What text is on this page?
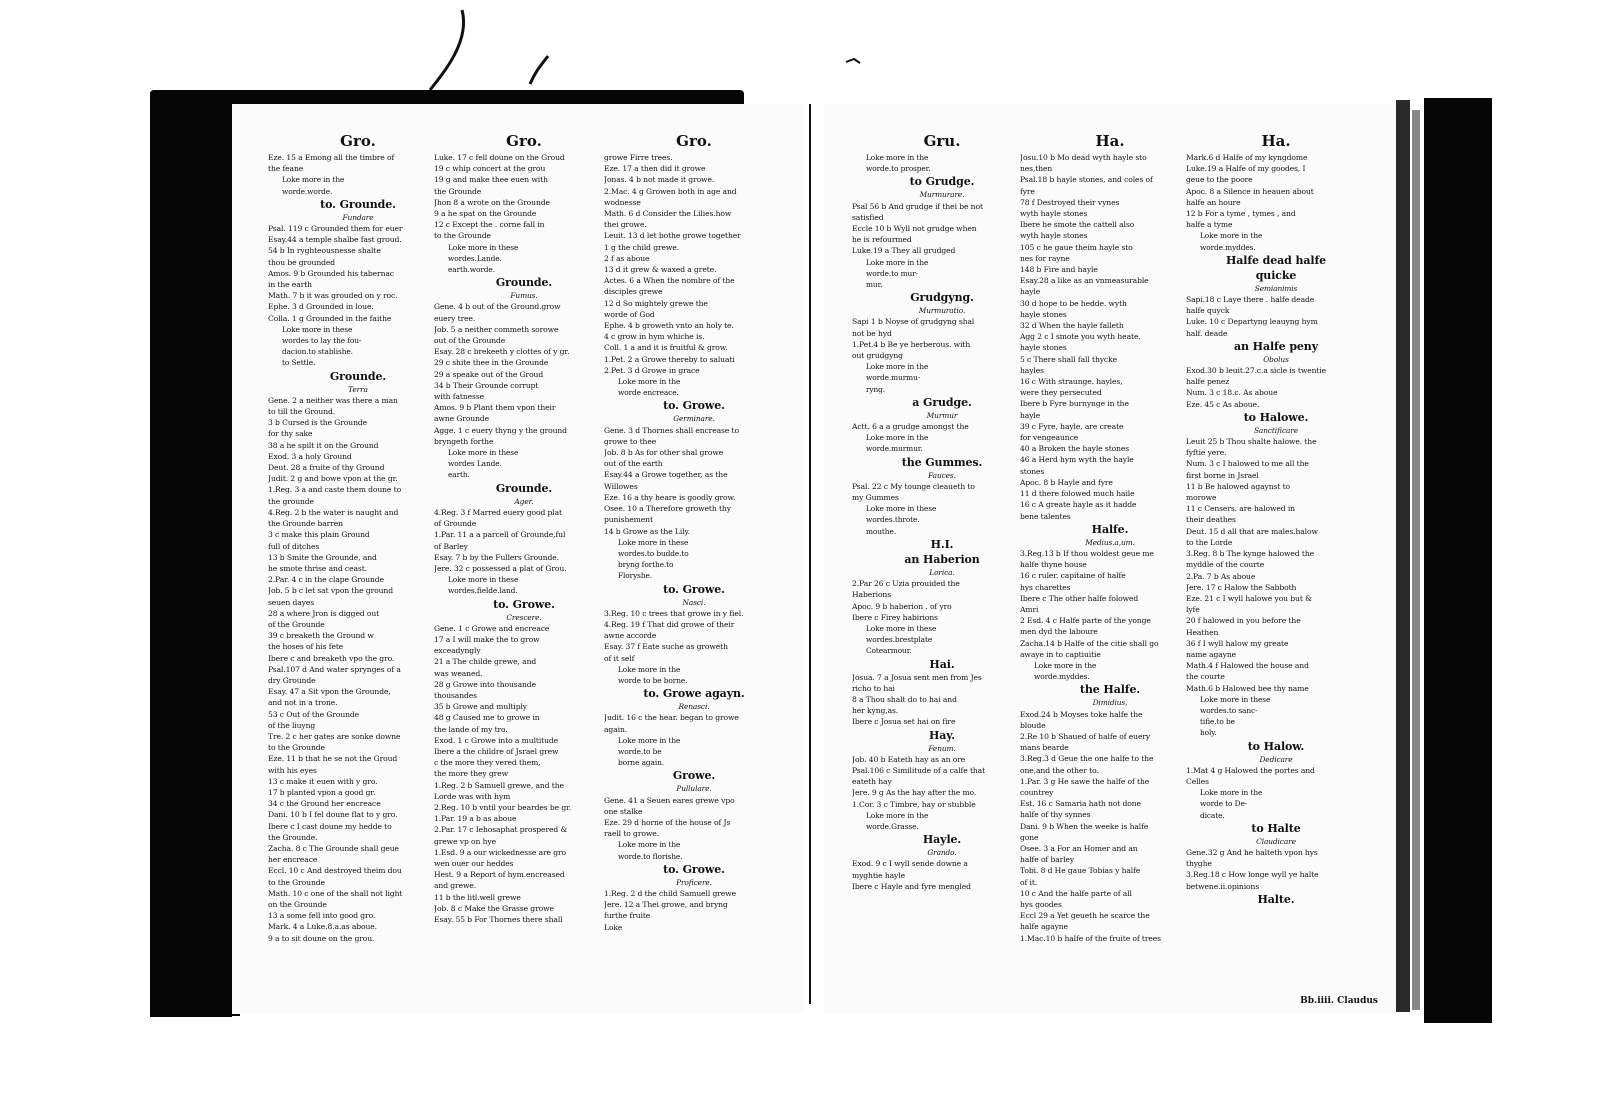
Gro.
Eze. 15 a Emong all the timbre of
the feane
Loke more in the
worde.worde.
to. Grounde.
Fundare
Psal. 119 c Grounded them for euer
Esay.44 a temple shalbe fast groud.
54 b In ryghteousnesse shalte
thou be grounded
Amos. 9 b Grounded his tabernac
in the earth
Math. 7 b it was grouded on y roc.
Ephe. 3 d Grounded in loue.
Colla. 1 g Grounded in the faithe
Loke more in these
wordes to lay the fou-
dacion.to stablishe.
to Settle.
Grounde.
Terra
Gene. 2 a neither was there a man
to till the Ground.
3 b Cursed is the Grounde
for thy sake
38 a he spilt it on the Ground
Exod. 3 a holy Ground
Deut. 28 a fruite of thy Ground
Judit. 2 g and bowe vpon at the gr.
1.Reg. 3 a and caste them doune to
the grounde
4.Reg. 2 b the water is naught and
the Grounde barren
3 c make this plain Ground
full of ditches
13 b Smite the Grounde, and
he smote thrise and ceast.
2.Par. 4 c in the clape Grounde
Job. 5 b c let sat vpon the ground
seuen dayes
28 a where Jron is digged out
of the Grounde
39 c breaketh the Ground w
the hoses of his fete
Ibere c and breaketh vpo the gro.
Psal.107 d And water sprynges of a
dry Grounde
Esay. 47 a Sit vpon the Grounde,
and not in a trone.
53 c Out of the Grounde
of the liuyng
Tre. 2 c her gates are sonke downe
to the Grounde
Eze. 11 b that he se not the Groud
with his eyes
13 c make it euen with y gro.
17 b planted vpon a good gr.
34 c the Ground her encreace
Dani. 10 b I fel doune flat to y gro.
Ibere c I cast doune my hedde to
the Grounde.
Zacha. 8 c The Grounde shall geue
her encreace
Eccl. 10 c And destroyed theim dou
to the Grounde
Math. 10 c one of the shall not light
on the Grounde
13 a some fell into good gro.
Mark. 4 a Luke.8.a.as aboue.
9 a to sit doune on the grou.
Gro.
Luke. 17 c fell doune on the Groud
19 c whip concert at the grou
19 g and make thee euen with
the Grounde
Jhon 8 a wrote on the Grounde
9 a he spat on the Grounde
12 c Except the . corne fall in
to the Grounde
Loke more in these
wordes.Lande.
earth.worde.
Grounde.
Fumus.
Gene. 4 b out of the Ground.grow
euery tree.
Job. 5 a neither commeth sorowe
out of the Grounde
Esay. 28 c brekeeth y clottes of y gr.
29 c shite thee in the Grounde
29 a speake out of the Groud
34 b Their Grounde corrupt
with fatnesse
Amos. 9 b Plant them vpon their
awne Grounde
Agge. 1 c euery thyng y the ground
bryngeth forthe
Loke more in these
wordes Lande.
earth.
Grounde.
Ager.
4.Reg. 3 f Marred euery good plat
of Grounde
1.Par. 11 a a parcell of Grounde,ful
of Barley
Esay. 7 b by the Fullers Grounde.
Jere. 32 c possessed a plat of Grou.
Loke more in these
wordes.fielde.land.
to. Growe.
Crescere.
Gene. 1 c Growe and encreace
17 a I will make the to grow
exceadyngly
21 a The childe grewe, and
was weaned.
28 g Growe into thousande
thousandes
35 b Growe and multiply
48 g Caused me to growe in
the lande of my tro.
Exod. 1 c Growe into a multitude
Ibere a the childre of Jsrael grew
c the more they vered them,
the more they grew
1.Reg. 2 b Samuell grewe, and the
Lorde was with hym
2.Reg. 10 b vntil your beardes be gr.
1.Par. 19 a b as aboue
2.Par. 17 c Iehosaphat prospered &
grewe vp on hye
1.Esd. 9 a our wickednesse are gro
wen ouer our heddes
Hest. 9 a Report of hym.encreased
and grewe.
11 b the litl.well grewe
Job. 8 c Make the Grasse growe
Esay. 55 b For Thornes there shall
Gro.
growe Firre trees.
Eze. 17 a then did it growe
Jonas. 4 b not made it growe.
2.Mac. 4 g Growen both in age and
wodnesse
Math. 6 d Consider the Lilies.how
thei growe.
Leuit. 13 d let bothe growe together
1 g the child grewe.
2 f as aboue
13 d it grew & waxed a grete.
Actes. 6 a When the nombre of the
disciples grewe
12 d So mightely grewe the
worde of God
Ephe. 4 b groweth vnto an holy te.
4 c grow in hym whiche is.
Coll. 1 a and it is fruitful & grow.
1.Pet. 2 a Growe thereby to saluati
2.Pet. 3 d Growe in grace
Loke more in the
worde encreace.
to. Growe.
Germinare.
Gene. 3 d Thornes shall encrease to
growe to thee
Job. 8 b As for other shal growe
out of the earth
Esay.44 a Growe together, as the
Willowes
Eze. 16 a thy heare is goodly grow.
Osee. 10 a Therefore groweth thy
punishement
14 b Growe as the Lily.
Loke more in these
wordes.to budde.to
bryng forthe.to
Floryshe.
to. Growe.
Nasci.
3.Reg. 10 c trees that growe in y fiel.
4.Reg. 19 f That did growe of their
awne accorde
Esay. 37 f Eate suche as groweth
of it self
Loke more in the
worde to be borne.
to. Growe agayn.
Renasci.
Judit. 16 c the hear. began to growe
again.
Loke more in the
worde.to be
borne again.
Growe.
Pullulare.
Gene. 41 a Seuen eares grewe vpo
one stalke
Eze. 29 d horne of the house of Js
raell to growe.
Loke more in the
worde.to florishe.
to. Growe.
Proficere.
1.Reg. 2 d the child Samuell grewe
Jere. 12 a Thei growe, and bryng
furthe fruite
Loke
Gru.
Loke more in the
worde.to prosper.
to Grudge.
Murmurare.
Psal 56 b And grudge if thei be not
satisfied
Eccle 10 b Wyll not grudge when
he is refourmed
Luke.19 a They all grudged
Loke more in the
worde.to mur-
mur.
Grudgyng.
Murmuratio.
Sapi 1 b Noyse of grudgyng shal
not be hyd
1.Pet.4 b Be ye herberous. with
out grudgyng
Loke more in the
worde.murmu-
ryng.
a Grudge.
Murmur
Actt. 6 a a grudge amongst the
Loke more in the
worde.murmur.
the Gummes.
Fauces.
Psal. 22 c My tounge cleaueth to
my Gummes
Loke more in these
wordes.throte.
mouthe.
H.I.
an Haberion
Lorica.
2.Par 26 c Uzia prouided the
Haberions
Apoc. 9 b haberion . of yro
Ibere c Firey habirions
Loke more in these
wordes.brestplate
Cotearmour.
Hai.
Josua. 7 a Josua sent men from Jes
richo to hai
8 a Thou shalt do to hai and
her kyng,as.
Ibere c Josua set hai on fire
Hay.
Fenum.
Job. 40 b Eateth hay as an ore
Psal.106 c Similitude of a calfe that
eateth hay
Jere. 9 g As the hay after the mo.
1.Cor. 3 c Timbre, hay or stubble
Loke more in the
worde.Grasse.
Hayle.
Grando.
Exod. 9 c I wyll sende downe a
myghtie hayle
Ibere c Hayle and fyre mengled
Ha.
Josu.10 b Mo dead wyth hayle sto
nes,then
Psal.18 b hayle stones, and coles of
fyre
78 f Destroyed their vynes
wyth hayle stones
Ibere he smote the cattell also
wyth hayle stones
105 c he gaue theim hayle sto
nes for rayne
148 b Fire and hayle
Esay.28 a like as an vnmeasurable
hayle
30 d hope to be hedde. wyth
hayle stones
32 d When the hayle falleth
Agg 2 c I smote you wyth heate,
hayle stones
5 c There shall fall thycke
hayles
16 c With straunge. hayles,
were they persecuted
Ibere b Fyre burnynge in the
hayle
39 c Fyre, hayle, are create
for vengeaunce
40 a Broken the hayle stones
46 a Herd hym wyth the hayle
stones
Apoc. 8 b Hayle and fyre
11 d there folowed much haile
16 c A greate hayle as it hadde
bene talentes
Halfe.
Medius.a,um.
3.Reg.13 b If thou woldest geue me
halfe thyne house
16 c ruler. capitaine of halfe
hys charettes
Ibere c The other halfe folowed
Amri
2 Esd. 4 c Halfe parte of the yonge
men dyd the laboure
Zacha.14 b Halfe of the citie shall go
awaye in to captiuitie
Loke more in the
worde.myddes.
the Halfe.
Dimidius,
Exod.24 b Moyses toke halfe the
bloude
2.Re 10 b Shaued of halfe of euery
mans bearde
3.Reg.3 d Geue the one halfe to the
one,and the other to.
1.Par. 3 g He sawe the halfe of the
countrey
Est. 16 c Samaria hath not done
halfe of thy synnes
Dani. 9 b When the weeke is halfe
gone
Osee. 3 a For an Homer and an
halfe of barley
Tobi. 8 d He gaue Tobias y halfe
of it.
10 c And the halfe parte of all
hys goodes
Eccl 29 a Yet geueth he scarce the
halfe agayne
1.Mac.10 b halfe of the fruite of trees
Ha.
Mark.6 d Halfe of my kyngdome
Luke.19 a Halfe of my goodes, I
geue to the poore
Apoc. 8 a Silence in heauen about
halfe an houre
12 b For a tyme , tymes , and
halfe a tyme
Loke more in the
worde.myddes.
Halfe dead halfe
quicke
Semianimis
Sapi.18 c Laye there . halfe deade
halfe quyck
Luke. 10 c Departyng leauyng hym
half. deade
an Halfe peny
Obolus
Exod.30 b leuit.27.c.a sicle is twentie
halfe penez
Num. 3 c 18.c. As aboue
Eze. 45 c As aboue.
to Halowe.
Sanctificare
Leuit 25 b Thou shalte halowe. the
fyftie yere.
Num. 3 c I halowed to me all the
first borne in Jsrael
11 b Be halowed agaynst to
morowe
11 c Censers. are halowed in
their deathes
Deut. 15 d all that are males.halow
to the Lorde
3.Reg. 8 b The kynge halowed the
myddle of the courte
2.Pa. 7 b As aboue
Jere. 17 c Halow the Sabboth
Eze. 21 c I wyll halowe you but &
lyfe
20 f halowed in you before the
Heathen
36 f I wyll halow my greate
name agayne
Math.4 f Halowed the house and
the courte
Math.6 b Halowed bee thy name
Loke more in these
wordes.to sanc-
tifie.to be
holy.
to Halow.
Dedicare
1.Mat 4 g Halowed the portes and
Celles
Loke more in the
worde to De-
dicate.
to Halte
Claudicare
Gene.32 g And he halteth vpon hys
thyghe
3.Reg.18 c How longe wyll ye halte
betwene.ii.opinions
Halte.
Bb.iiii. Claudus
